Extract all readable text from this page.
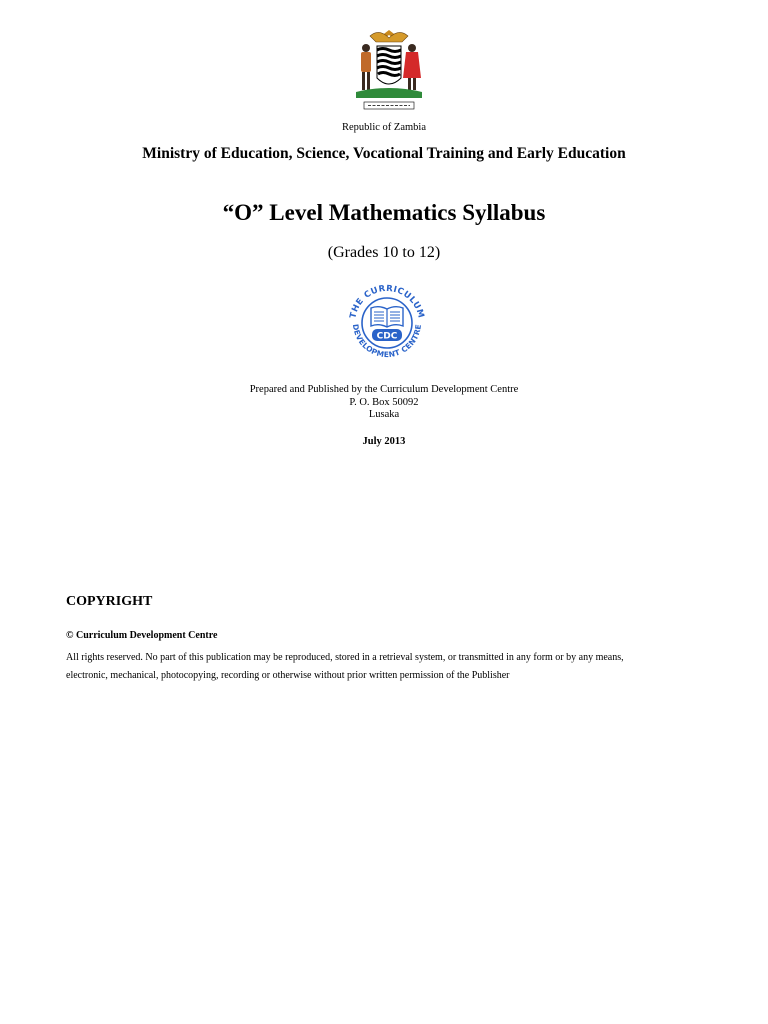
Republic of Zambia
Ministry of Education, Science, Vocational Training and Early Education
“O” Level Mathematics Syllabus
(Grades 10 to 12)
THE CURRICULUM
DEVELOPMENT CENTRE
CDC
Prepared and Published by the Curriculum Development Centre
P. O. Box 50092
Lusaka
July 2013
COPYRIGHT
© Curriculum Development Centre
All rights reserved. No part of this publication may be reproduced, stored in a retrieval system, or transmitted in any form or by any means,
electronic, mechanical, photocopying, recording or otherwise without prior written permission of the Publisher
